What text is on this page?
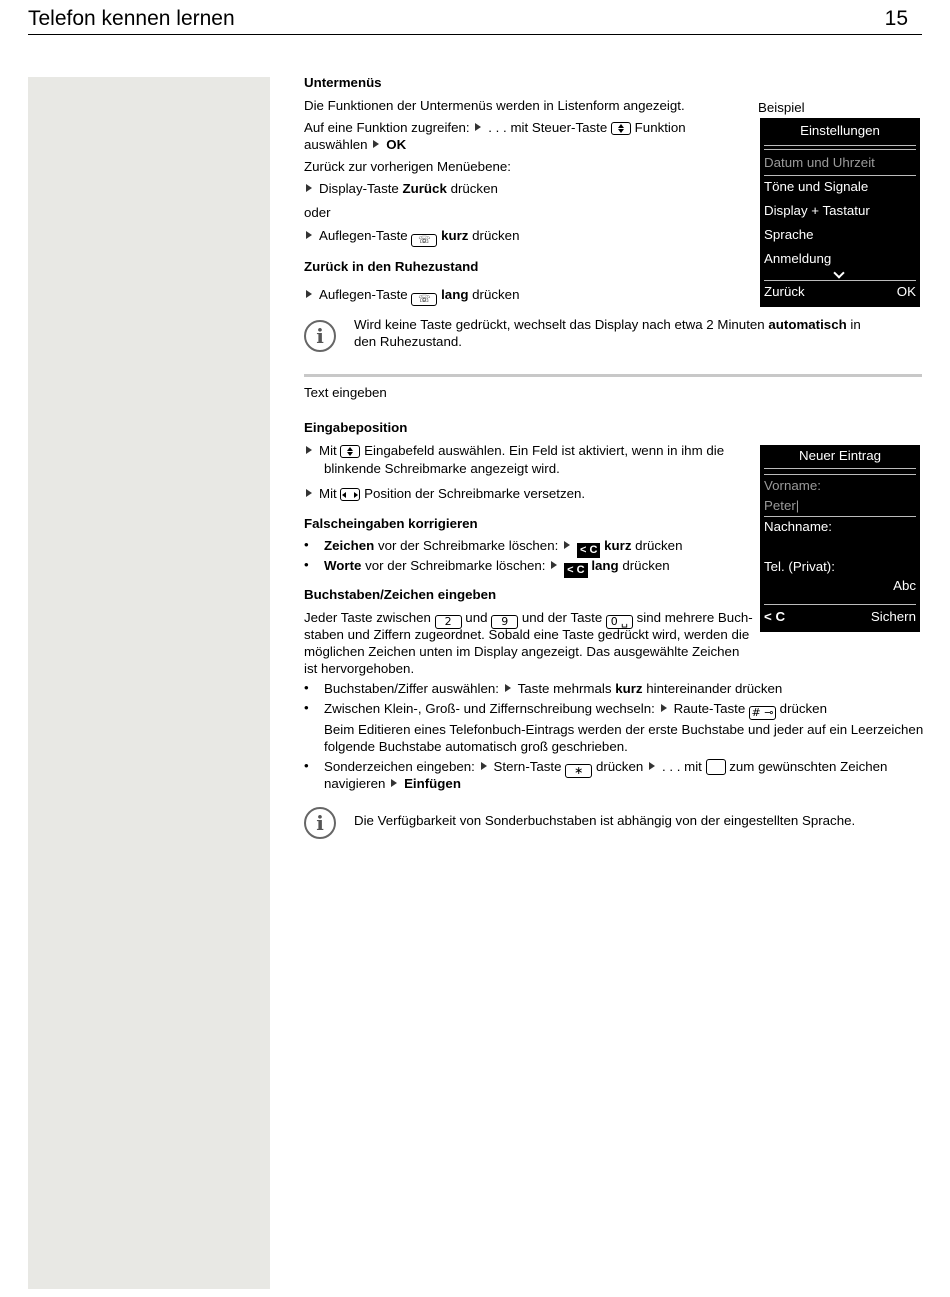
Telefon kennen lernen	15
Untermenüs
Die Funktionen der Untermenüs werden in Listenform angezeigt.
Auf eine Funktion zugreifen: . . . mit Steuer-Taste Funktion
auswählen OK
Zurück zur vorherigen Menüebene:
Display-Taste Zurück drücken
oder
Auflegen-Taste ☏ kurz drücken
Zurück in den Ruhezustand
Auflegen-Taste ☏ lang drücken
i	Wird keine Taste gedrückt, wechselt das Display nach etwa 2 Minuten automatisch in
den Ruhezustand.
Beispiel
Einstellungen
Datum und Uhrzeit
Töne und Signale
Display + Tastatur
Sprache
Anmeldung
Zurück	OK
Text eingeben
Eingabeposition
Mit Eingabefeld auswählen. Ein Feld ist aktiviert, wenn in ihm die
blinkende Schreibmarke angezeigt wird.
Mit Position der Schreibmarke versetzen.
Falscheingaben korrigieren
• Zeichen vor der Schreibmarke löschen: < C kurz drücken
• Worte vor der Schreibmarke löschen: < C lang drücken
Buchstaben/Zeichen eingeben
Jeder Taste zwischen 2 und 9 und der Taste 0 ␣ sind mehrere Buch-
staben und Ziffern zugeordnet. Sobald eine Taste gedrückt wird, werden die
möglichen Zeichen unten im Display angezeigt. Das ausgewählte Zeichen
ist hervorgehoben.
• Buchstaben/Ziffer auswählen: Taste mehrmals kurz hintereinander drücken
• Zwischen Klein-, Groß- und Ziffernschreibung wechseln: Raute-Taste # ⊸ drücken
Beim Editieren eines Telefonbuch-Eintrags werden der erste Buchstabe und jeder auf ein Leerzeichen
folgende Buchstabe automatisch groß geschrieben.
• Sonderzeichen eingeben: Stern-Taste ∗ drücken . . . mit zum gewünschten Zeichen
navigieren Einfügen
i	Die Verfügbarkeit von Sonderbuchstaben ist abhängig von der eingestellten Sprache.
Neuer Eintrag
Vorname:
Peter|
Nachname:
Tel. (Privat):
Abc
< C	Sichern
